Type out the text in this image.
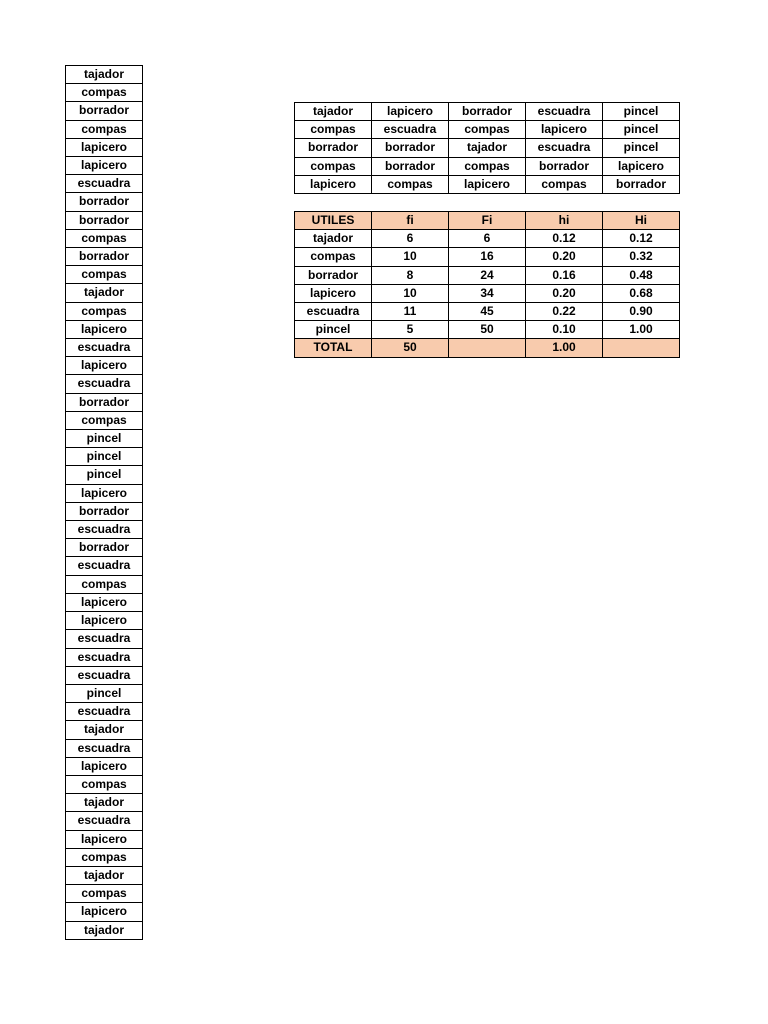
tajador
compas
borrador
compas
lapicero
lapicero
escuadra
borrador
borrador
compas
borrador
compas
tajador
compas
lapicero
escuadra
lapicero
escuadra
borrador
compas
pincel
pincel
pincel
lapicero
borrador
escuadra
borrador
escuadra
compas
lapicero
lapicero
escuadra
escuadra
escuadra
pincel
escuadra
tajador
escuadra
lapicero
compas
tajador
escuadra
lapicero
compas
tajador
compas
lapicero
tajador
tajador	lapicero	borrador	escuadra	pincel
compas	escuadra	compas	lapicero	pincel
borrador	borrador	tajador	escuadra	pincel
compas	borrador	compas	borrador	lapicero
lapicero	compas	lapicero	compas	borrador
UTILES	fi	Fi	hi	Hi
tajador	6	6	0.12	0.12
compas	10	16	0.20	0.32
borrador	8	24	0.16	0.48
lapicero	10	34	0.20	0.68
escuadra	11	45	0.22	0.90
pincel	5	50	0.10	1.00
TOTAL	50		1.00	
